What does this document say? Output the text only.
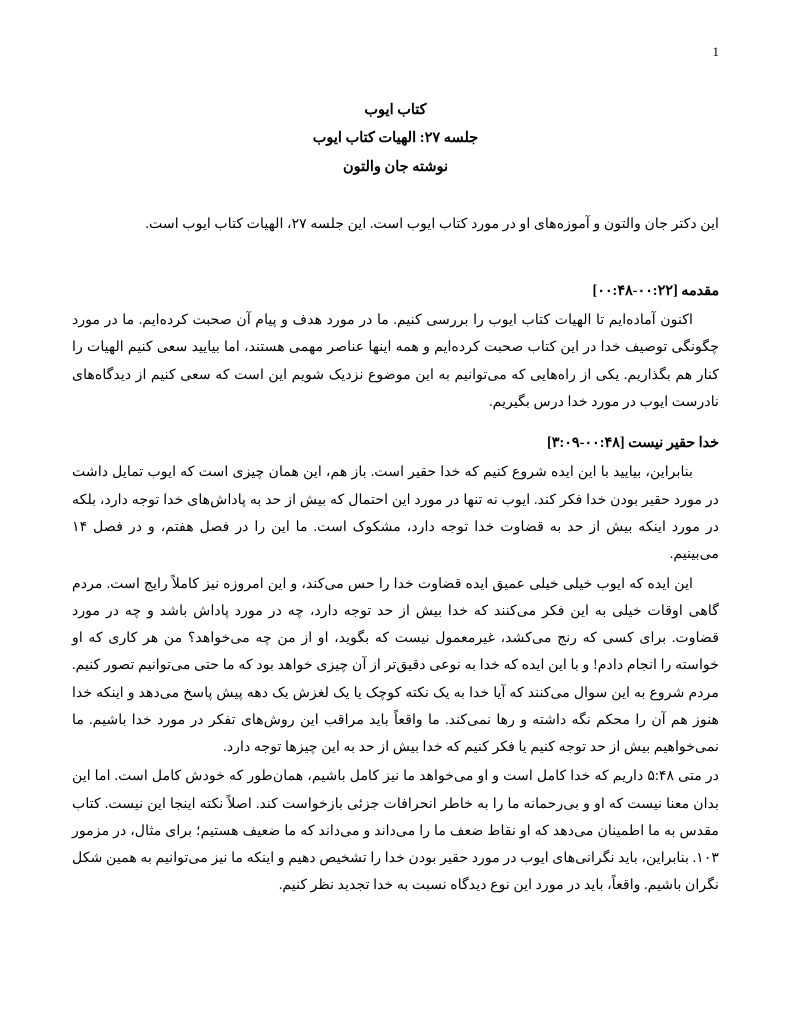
1
کتاب ایوب
جلسه ۲۷: الهیات کتاب ایوب
نوشته جان والتون

این دکتر جان والتون و آموزه‌های او در مورد کتاب ایوب است. این جلسه ۲۷، الهیات کتاب ایوب است.

مقدمه [۰۰:۲۲-۰۰:۴۸]

اکنون آماده‌ایم تا الهیات کتاب ایوب را بررسی کنیم. ما در مورد هدف و پیام آن صحبت کرده‌ایم. ما در مورد چگونگی توصیف خدا در این کتاب صحبت کرده‌ایم و همه اینها عناصر مهمی هستند، اما بیایید سعی کنیم الهیات را کنار هم بگذاریم. یکی از راه‌هایی که می‌توانیم به این موضوع نزدیک شویم این است که سعی کنیم از دیدگاه‌های نادرست ایوب در مورد خدا درس بگیریم.

خدا حقیر نیست [۰۰:۴۸-۳:۰۹]

بنابراین، بیایید با این ایده شروع کنیم که خدا حقیر است. باز هم، این همان چیزی است که ایوب تمایل داشت در مورد حقیر بودن خدا فکر کند. ایوب نه تنها در مورد این احتمال که بیش از حد به پاداش‌های خدا توجه دارد، بلکه در مورد اینکه بیش از حد به قضاوت خدا توجه دارد، مشکوک است. ما این را در فصل هفتم، و در فصل ۱۴ می‌بینیم.

این ایده که ایوب خیلی خیلی عمیق ایده قضاوت خدا را حس می‌کند، و این امروزه نیز کاملاً رایج است. مردم گاهی اوقات خیلی به این فکر می‌کنند که خدا بیش از حد توجه دارد، چه در مورد پاداش باشد و چه در مورد قضاوت. برای کسی که رنج می‌کشد، غیرمعمول نیست که بگوید، او از من چه می‌خواهد؟ من هر کاری که او خواسته را انجام دادم! و با این ایده که خدا به نوعی دقیق‌تر از آن چیزی خواهد بود که ما حتی می‌توانیم تصور کنیم. مردم شروع به این سوال می‌کنند که آیا خدا به یک نکته کوچک یا یک لغزش یک دهه پیش پاسخ می‌دهد و اینکه خدا هنوز هم آن را محکم نگه داشته و رها نمی‌کند. ما واقعاً باید مراقب این روش‌های تفکر در مورد خدا باشیم. ما نمی‌خواهیم بیش از حد توجه کنیم یا فکر کنیم که خدا بیش از حد به این چیزها توجه دارد.

در متی ۵:۴۸ داریم که خدا کامل است و او می‌خواهد ما نیز کامل باشیم، همان‌طور که خودش کامل است. اما این بدان معنا نیست که او و بی‌رحمانه ما را به خاطر انحرافات جزئی بازخواست کند. اصلاً نکته اینجا این نیست. کتاب مقدس به ما اطمینان می‌دهد که او نقاط ضعف ما را می‌داند و می‌داند که ما ضعیف هستیم؛ برای مثال، در مزمور ۱۰۳. بنابراین، باید نگرانی‌های ایوب در مورد حقیر بودن خدا را تشخیص دهیم و اینکه ما نیز می‌توانیم به همین شکل نگران باشیم. واقعاً، باید در مورد این نوع دیدگاه نسبت به خدا تجدید نظر کنیم.
